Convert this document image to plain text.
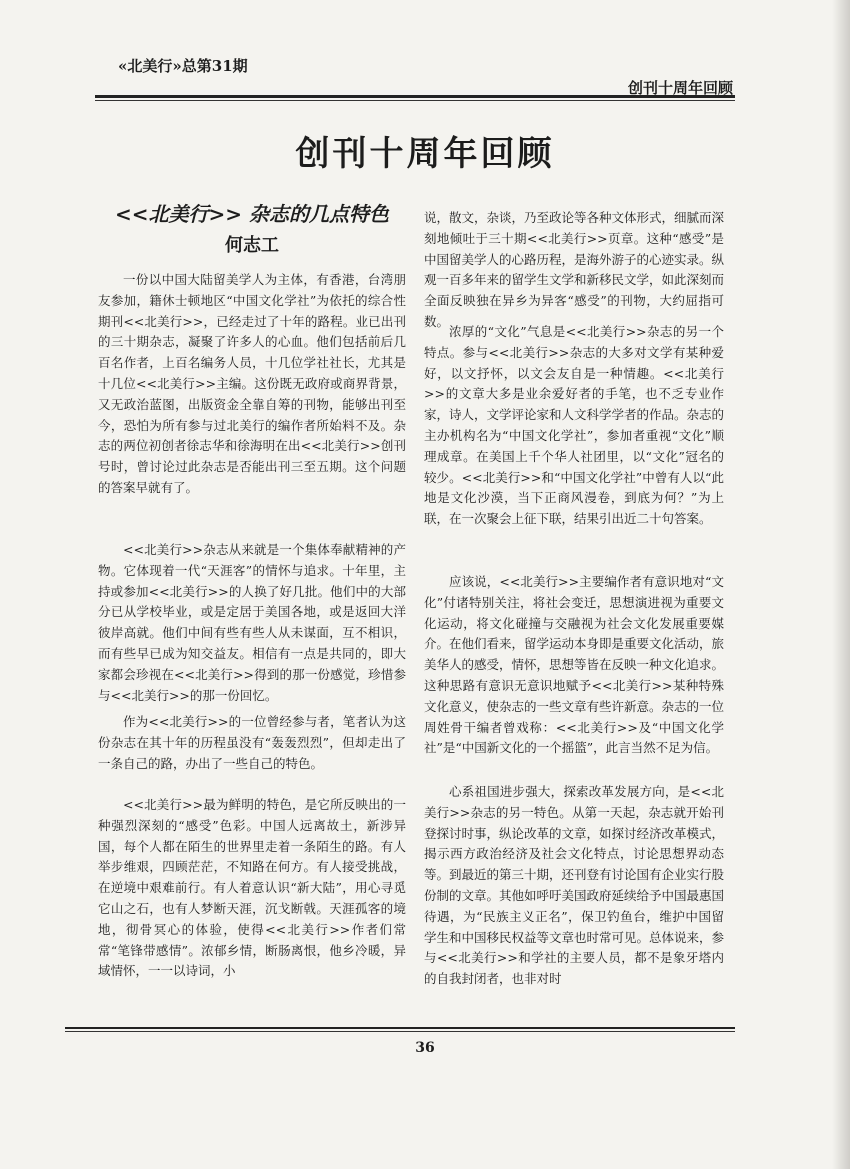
«北美行»总第31期
创刊十周年回顾
创刊十周年回顾
<<北美行>> 杂志的几点特色
何志工

一份以中国大陆留美学人为主体，有香港，台湾朋友参加，籍休士顿地区“中国文化学社”为依托的综合性期刊<<北美行>>，已经走过了十年的路程。业已出刊的三十期杂志，凝聚了许多人的心血。他们包括前后几百名作者，上百名编务人员，十几位学社社长，尤其是十几位<<北美行>>主编。这份既无政府或商界背景，又无政治蓝图，出版资金全靠自筹的刊物，能够出刊至今，恐怕为所有参与过北美行的编作者所始料不及。杂志的两位初创者徐志华和徐海明在出<<北美行>>创刊号时，曾讨论过此杂志是否能出刊三至五期。这个问题的答案早就有了。

<<北美行>>杂志从来就是一个集体奉献精神的产物。它体现着一代“天涯客”的情怀与追求。十年里，主持或参加<<北美行>>的人换了好几批。他们中的大部分已从学校毕业，或是定居于美国各地，或是返回大洋彼岸高就。他们中间有些有些人从未谋面，互不相识，而有些早已成为知交益友。相信有一点是共同的，即大家都会珍视在<<北美行>>得到的那一份感觉，珍惜参与<<北美行>>的那一份回忆。

作为<<北美行>>的一位曾经参与者，笔者认为这份杂志在其十年的历程虽没有“轰轰烈烈”，但却走出了一条自己的路，办出了一些自己的特色。

<<北美行>>最为鲜明的特色，是它所反映出的一种强烈深刻的“感受”色彩。中国人远离故土，新涉异国，每个人都在陌生的世界里走着一条陌生的路。有人举步维艰，四顾茫茫，不知路在何方。有人接受挑战，在逆境中艰难前行。有人着意认识“新大陆”，用心寻觅它山之石，也有人梦断天涯，沉戈断戟。天涯孤客的境地，彻骨冥心的体验，使得<<北美行>>作者们常常“笔锋带感情”。浓郁乡情，断肠离恨，他乡冷暖，异域情怀，一一以诗词，小

说，散文，杂谈，乃至政论等各种文体形式，细腻而深刻地倾吐于三十期<<北美行>>页章。这种“感受”是中国留美学人的心路历程，是海外游子的心迹实录。纵观一百多年来的留学生文学和新移民文学，如此深刻而全面反映独在异乡为异客“感受”的刊物，大约屈指可数。

浓厚的“文化”气息是<<北美行>>杂志的另一个特点。参与<<北美行>>杂志的大多对文学有某种爱好，以文抒怀，以文会友自是一种情趣。<<北美行>>的文章大多是业余爱好者的手笔，也不乏专业作家，诗人，文学评论家和人文科学学者的作品。杂志的主办机构名为“中国文化学社”，参加者重视“文化”顺理成章。在美国上千个华人社团里，以“文化”冠名的较少。<<北美行>>和“中国文化学社”中曾有人以“此地是文化沙漠，当下正商风漫卷，到底为何？”为上联，在一次聚会上征下联，结果引出近二十句答案。

应该说，<<北美行>>主要编作者有意识地对“文化”付诸特别关注，将社会变迁，思想演进视为重要文化运动，将文化碰撞与交融视为社会文化发展重要媒介。在他们看来，留学运动本身即是重要文化活动，旅美华人的感受，情怀，思想等皆在反映一种文化追求。这种思路有意识无意识地赋予<<北美行>>某种特殊文化意义，使杂志的一些文章有些许新意。杂志的一位周姓骨干编者曾戏称：<<北美行>>及“中国文化学社”是“中国新文化的一个摇篮”，此言当然不足为信。

心系祖国进步强大，探索改革发展方向，是<<北美行>>杂志的另一特色。从第一天起，杂志就开始刊登探讨时事，纵论改革的文章，如探讨经济改革模式，揭示西方政治经济及社会文化特点，讨论思想界动态等。到最近的第三十期，还刊登有讨论国有企业实行股份制的文章。其他如呼吁美国政府延续给予中国最惠国待遇，为“民族主义正名”，保卫钓鱼台，维护中国留学生和中国移民权益等文章也时常可见。总体说来，参与<<北美行>>和学社的主要人员，都不是象牙塔内的自我封闭者，也非对时

36
